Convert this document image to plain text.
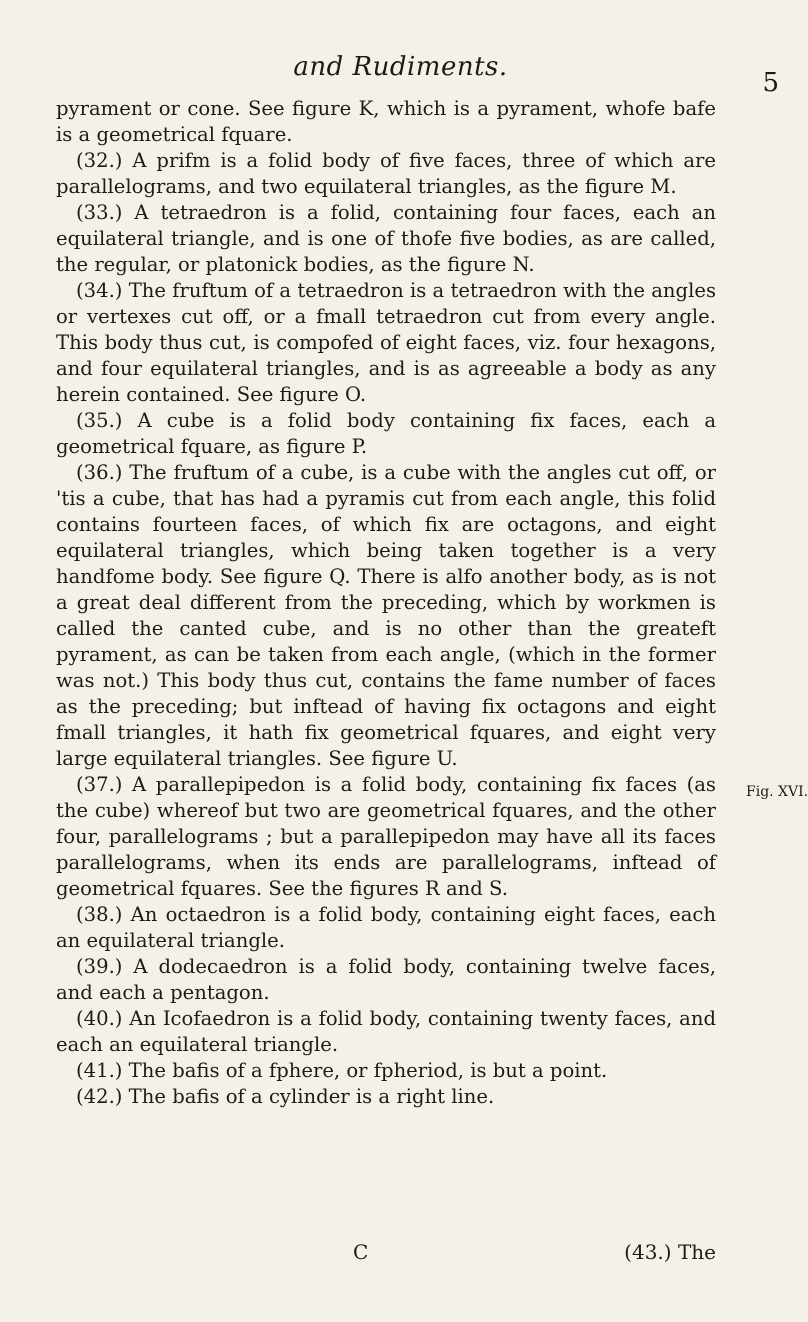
and Rudiments.
5

pyrament or cone. See figure K, which is a pyrament, whofe bafe is a geometrical fquare.

(32.) A prifm is a folid body of five faces, three of which are parallelograms, and two equilateral triangles, as the figure M.

(33.) A tetraedron is a folid, containing four faces, each an equilateral triangle, and is one of thofe five bodies, as are called, the regular, or platonick bodies, as the figure N.

(34.) The fruftum of a tetraedron is a tetraedron with the angles or vertexes cut off, or a fmall tetraedron cut from every angle. This body thus cut, is compofed of eight faces, viz. four hexagons, and four equilateral triangles, and is as agreeable a body as any herein contained. See figure O.

(35.) A cube is a folid body containing fix faces, each a geometrical fquare, as figure P.

(36.) The fruftum of a cube, is a cube with the angles cut off, or 'tis a cube, that has had a pyramis cut from each angle, this folid contains fourteen faces, of which fix are octagons, and eight equilateral triangles, which being taken together is a very handfome body. See figure Q. There is alfo another body, as is not a great deal different from the preceding, which by workmen is called the canted cube, and is no other than the greateft pyrament, as can be taken from each angle, (which in the former was not.) This body thus cut, contains the fame number of faces as the preceding; but inftead of having fix octagons and eight fmall triangles, it hath fix geometrical fquares, and eight very large equilateral triangles. See figure U.

(37.) A parallepipedon is a folid body, containing fix faces (as the cube) whereof but two are geometrical fquares, and the other four, parallelograms ; but a parallepipedon may have all its faces parallelograms, when its ends are parallelograms, inftead of geometrical fquares. See the figures R and S.

(38.) An octaedron is a folid body, containing eight faces, each an equilateral triangle.

(39.) A dodecaedron is a folid body, containing twelve faces, and each a pentagon.

(40.) An Icofaedron is a folid body, containing twenty faces, and each an equilateral triangle.

(41.) The bafis of a fphere, or fpheriod, is but a point.

(42.) The bafis of a cylinder is a right line.

Fig. XVI.
C	(43.) The
